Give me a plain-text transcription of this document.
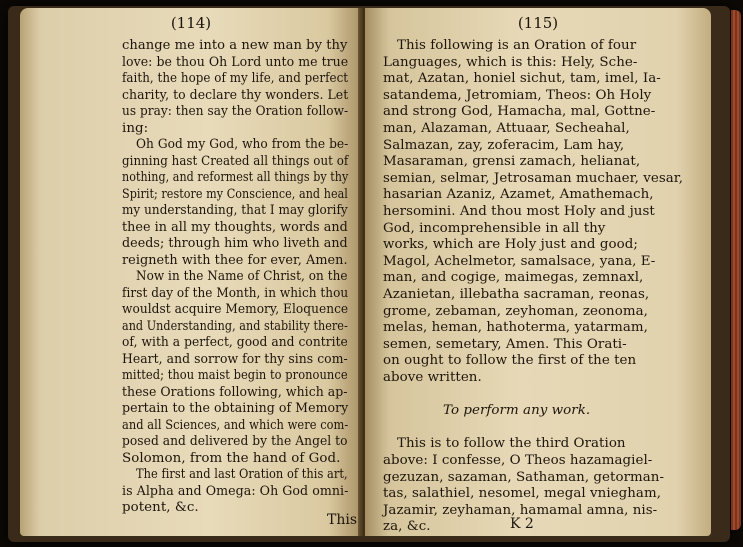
(114)
change me into a new man by thy
love: be thou Oh Lord unto me true
faith, the hope of my life, and perfect
charity, to declare thy wonders. Let
us pray: then say the Oration follow-
ing:
Oh God my God, who from the be-
ginning hast Created all things out of
nothing, and reformest all things by thy
Spirit; restore my Conscience, and heal
my understanding, that I may glorify
thee in all my thoughts, words and
deeds; through him who liveth and
reigneth with thee for ever, Amen.
Now in the Name of Christ, on the
first day of the Month, in which thou
wouldst acquire Memory, Eloquence
and Understanding, and stability there-
of, with a perfect, good and contrite
Heart, and sorrow for thy sins com-
mitted; thou maist begin to pronounce
these Orations following, which ap-
pertain to the obtaining of Memory
and all Sciences, and which were com-
posed and delivered by the Angel to
Solomon, from the hand of God.
The first and last Oration of this art,
is Alpha and Omega: Oh God omni-
potent, &c.
This
(115)
This following is an Oration of four
Languages, which is this: Hely, Sche-
mat, Azatan, honiel sichut, tam, imel, Ia-
satandema, Jetromiam, Theos: Oh Holy
and strong God, Hamacha, mal, Gottne-
man, Alazaman, Attuaar, Secheahal,
Salmazan, zay, zoferacim, Lam hay,
Masaraman, grensi zamach, helianat,
semian, selmar, Jetrosaman muchaer, vesar,
hasarian Azaniz, Azamet, Amathemach,
hersomini. And thou most Holy and just
God, incomprehensible in all thy
works, which are Holy just and good;
Magol, Achelmetor, samalsace, yana, E-
man, and cogige, maimegas, zemnaxl,
Azanietan, illebatha sacraman, reonas,
grome, zebaman, zeyhoman, zeonoma,
melas, heman, hathoterma, yatarmam,
semen, semetary, Amen. This Orati-
on ought to follow the first of the ten
above written.
To perform any work.
This is to follow the third Oration
above: I confesse, O Theos hazamagiel-
gezuzan, sazaman, Sathaman, getorman-
tas, salathiel, nesomel, megal vniegham,
Jazamir, zeyhaman, hamamal amna, nis-
za, &c.	K 2
